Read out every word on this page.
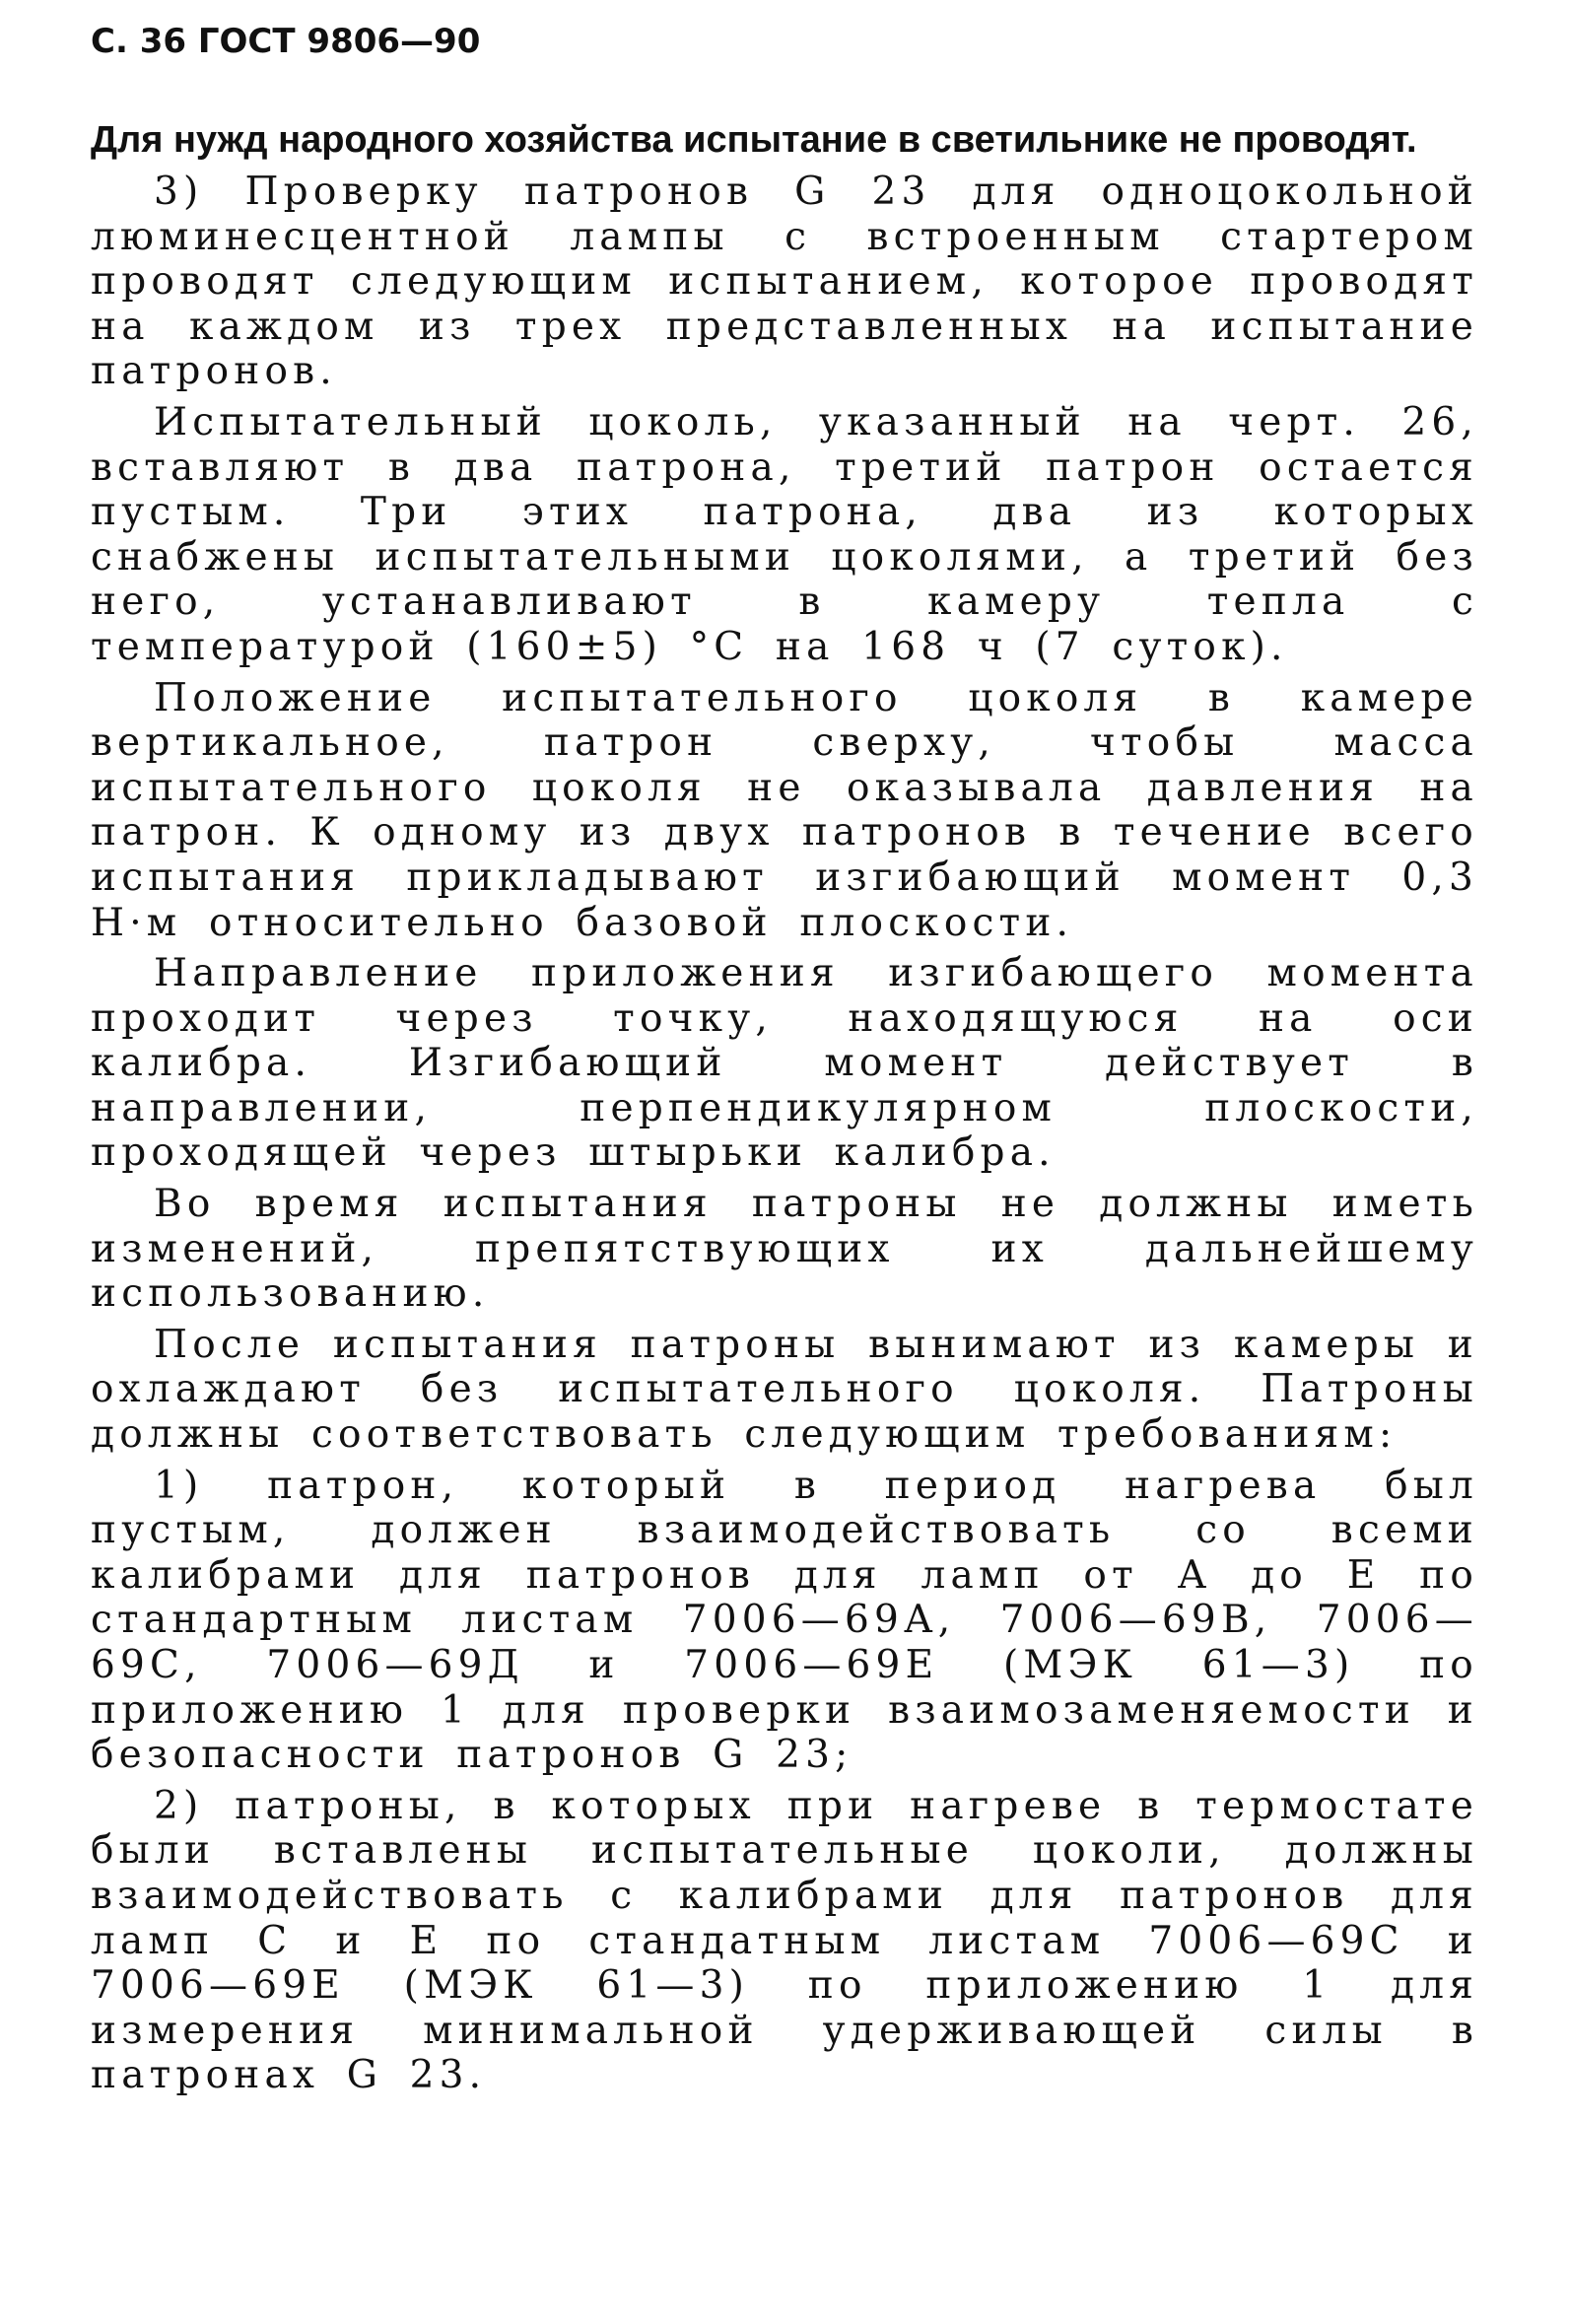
С. 36 ГОСТ 9806—90

Для нужд народного хозяйства испытание в светильнике не проводят.

3) Проверку патронов G 23 для одноцокольной люминесцентной лампы с встроенным стартером проводят следующим испытанием, которое проводят на каждом из трех представленных на испытание патронов.

Испытательный цоколь, указанный на черт. 26, вставляют в два патрона, третий патрон остается пустым. Три этих патрона, два из которых снабжены испытательными цоколями, а третий без него, устанавливают в камеру тепла с температурой (160±5) °С на 168 ч (7 суток).

Положение испытательного цоколя в камере вертикальное, патрон сверху, чтобы масса испытательного цоколя не оказывала давления на патрон. К одному из двух патронов в течение всего испытания прикладывают изгибающий момент 0,3 Н·м относительно базовой плоскости.

Направление приложения изгибающего момента проходит через точку, находящуюся на оси калибра. Изгибающий момент действует в направлении, перпендикулярном плоскости, проходящей через штырьки калибра.

Во время испытания патроны не должны иметь изменений, препятствующих их дальнейшему использованию.

После испытания патроны вынимают из камеры и охлаждают без испытательного цоколя. Патроны должны соответствовать следующим требованиям:

1) патрон, который в период нагрева был пустым, должен взаимодействовать со всеми калибрами для патронов для ламп от А до Е по стандартным листам 7006—69А, 7006—69В, 7006—69С, 7006—69Д и 7006—69Е (МЭК 61—3) по приложению 1 для проверки взаимозаменяемости и безопасности патронов G 23;

2) патроны, в которых при нагреве в термостате были вставлены испытательные цоколи, должны взаимодействовать с калибрами для патронов для ламп С и Е по стандатным листам 7006—69С и 7006—69Е (МЭК 61—3) по приложению 1 для измерения минимальной удерживающей силы в патронах G 23.
